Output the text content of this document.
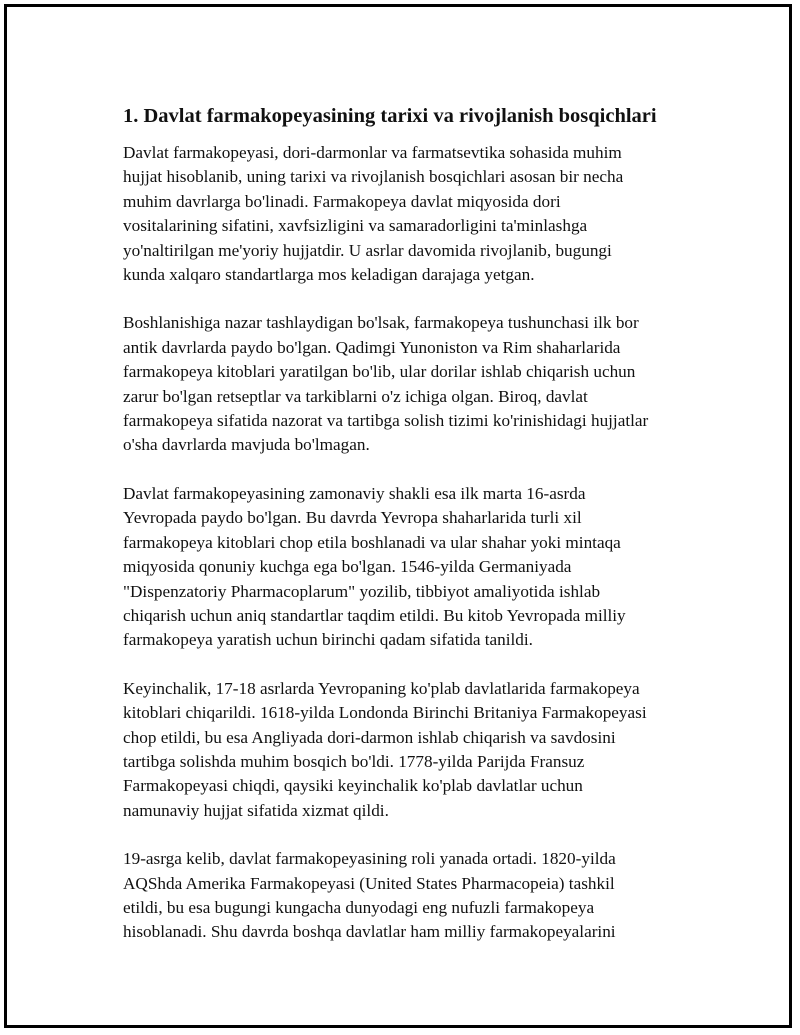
1. Davlat farmakopeyasining tarixi va rivojlanish bosqichlari
Davlat farmakopeyasi, dori-darmonlar va farmatsevtika sohasida muhim
hujjat hisoblanib, uning tarixi va rivojlanish bosqichlari asosan bir necha
muhim davrlarga bo'linadi. Farmakopeya davlat miqyosida dori
vositalarining sifatini, xavfsizligini va samaradorligini ta'minlashga
yo'naltirilgan me'yoriy hujjatdir. U asrlar davomida rivojlanib, bugungi
kunda xalqaro standartlarga mos keladigan darajaga yetgan.
Boshlanishiga nazar tashlaydigan bo'lsak, farmakopeya tushunchasi ilk bor
antik davrlarda paydo bo'lgan. Qadimgi Yunoniston va Rim shaharlarida
farmakopeya kitoblari yaratilgan bo'lib, ular dorilar ishlab chiqarish uchun
zarur bo'lgan retseptlar va tarkiblarni o'z ichiga olgan. Biroq, davlat
farmakopeya sifatida nazorat va tartibga solish tizimi ko'rinishidagi hujjatlar
o'sha davrlarda mavjuda bo'lmagan.
Davlat farmakopeyasining zamonaviy shakli esa ilk marta 16-asrda
Yevropada paydo bo'lgan. Bu davrda Yevropa shaharlarida turli xil
farmakopeya kitoblari chop etila boshlanadi va ular shahar yoki mintaqa
miqyosida qonuniy kuchga ega bo'lgan. 1546-yilda Germaniyada
"Dispenzatoriy Pharmacoplarum" yozilib, tibbiyot amaliyotida ishlab
chiqarish uchun aniq standartlar taqdim etildi. Bu kitob Yevropada milliy
farmakopeya yaratish uchun birinchi qadam sifatida tanildi.
Keyinchalik, 17-18 asrlarda Yevropaning ko'plab davlatlarida farmakopeya
kitoblari chiqarildi. 1618-yilda Londonda Birinchi Britaniya Farmakopeyasi
chop etildi, bu esa Angliyada dori-darmon ishlab chiqarish va savdosini
tartibga solishda muhim bosqich bo'ldi. 1778-yilda Parijda Fransuz
Farmakopeyasi chiqdi, qaysiki keyinchalik ko'plab davlatlar uchun
namunaviy hujjat sifatida xizmat qildi.
19-asrga kelib, davlat farmakopeyasining roli yanada ortadi. 1820-yilda
AQShda Amerika Farmakopeyasi (United States Pharmacopeia) tashkil
etildi, bu esa bugungi kungacha dunyodagi eng nufuzli farmakopeya
hisoblanadi. Shu davrda boshqa davlatlar ham milliy farmakopeyalarini
